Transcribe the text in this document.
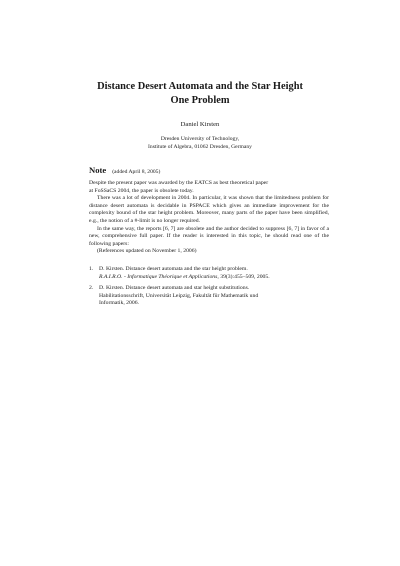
Distance Desert Automata and the Star Height
One Problem
Daniel Kirsten
Dresden University of Technology,
Institute of Algebra, 01062 Dresden, Germany
Note (added April 8, 2005)

Despite the present paper was awarded by the EATCS as best theoretical paper
at FoSSaCS 2004, the paper is obsolete today.

There was a lot of development in 2004. In particular, it was shown that the limitedness problem for distance desert automata is decidable in PSPACE which gives an immediate improvement for the complexity bound of the star height problem. Moreover, many parts of the paper have been simplified, e.g., the notion of a #-limit is no longer required.

In the same way, the reports [6, 7] are obsolete and the author decided to suppress [6, 7] in favor of a new, comprehensive full paper. If the reader is interested in this topic, he should read one of the following papers:

(References updated on November 1, 2006)

1.	D. Kirsten. Distance desert automata and the star height problem.
R.A.I.R.O. - Informatique Théorique et Applications, 39(3):455–509, 2005.
2.	D. Kirsten. Distance desert automata and star height substitutions.
Habilitationsschrift, Universität Leipzig, Fakultät für Mathematik und
Informatik, 2006.
